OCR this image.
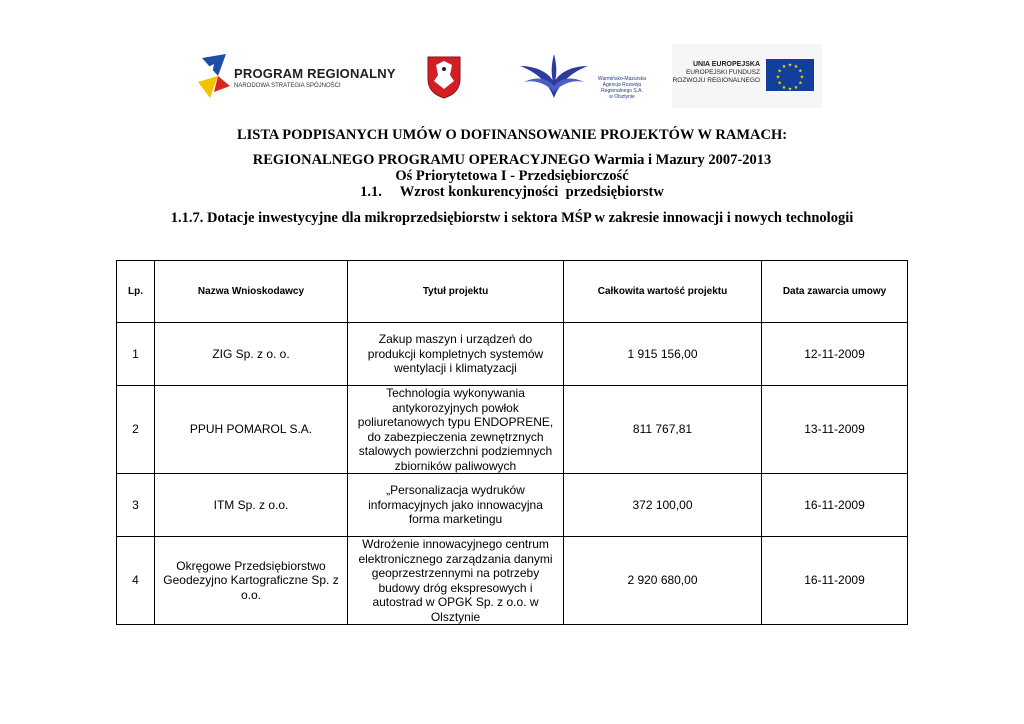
PROGRAM REGIONALNY
NARODOWA STRATEGIA SPÓJNOŚCI
Warmińsko-Mazurska
Agencja Rozwoju Regionalnego S.A.
w Olsztynie
UNIA EUROPEJSKA
EUROPEJSKI FUNDUSZ
ROZWOJU REGIONALNEGO
★ ★
★
★
★
★
★
★
★
★
★
★
LISTA PODPISANYCH UMÓW O DOFINANSOWANIE PROJEKTÓW W RAMACH:
REGIONALNEGO PROGRAMU OPERACYJNEGO Warmia i Mazury 2007-2013
Oś Priorytetowa I - Przedsiębiorczość
1.1.     Wzrost konkurencyjności  przedsiębiorstw
1.1.7. Dotacje inwestycyjne dla mikroprzedsiębiorstw i sektora MŚP w zakresie innowacji i nowych technologii
Lp.	Nazwa Wnioskodawcy	Tytuł projektu	Całkowita wartość projektu	Data zawarcia umowy
1	ZIG Sp. z o. o.	Zakup maszyn i urządzeń do produkcji kompletnych systemów wentylacji i klimatyzacji	1 915 156,00	12-11-2009
2	PPUH POMAROL S.A.	Technologia wykonywania antykorozyjnych powłok poliuretanowych typu ENDOPRENE, do zabezpieczenia zewnętrznych stalowych powierzchni podziemnych zbiorników paliwowych	811 767,81	13-11-2009
3	ITM Sp. z o.o.	„Personalizacja wydruków informacyjnych jako innowacyjna forma marketingu	372 100,00	16-11-2009
4	Okręgowe Przedsiębiorstwo Geodezyjno Kartograficzne Sp. z o.o.	Wdrożenie innowacyjnego centrum elektronicznego zarządzania danymi geoprzestrzennymi na potrzeby budowy dróg ekspresowych i autostrad w OPGK Sp. z o.o. w Olsztynie	2 920 680,00	16-11-2009
